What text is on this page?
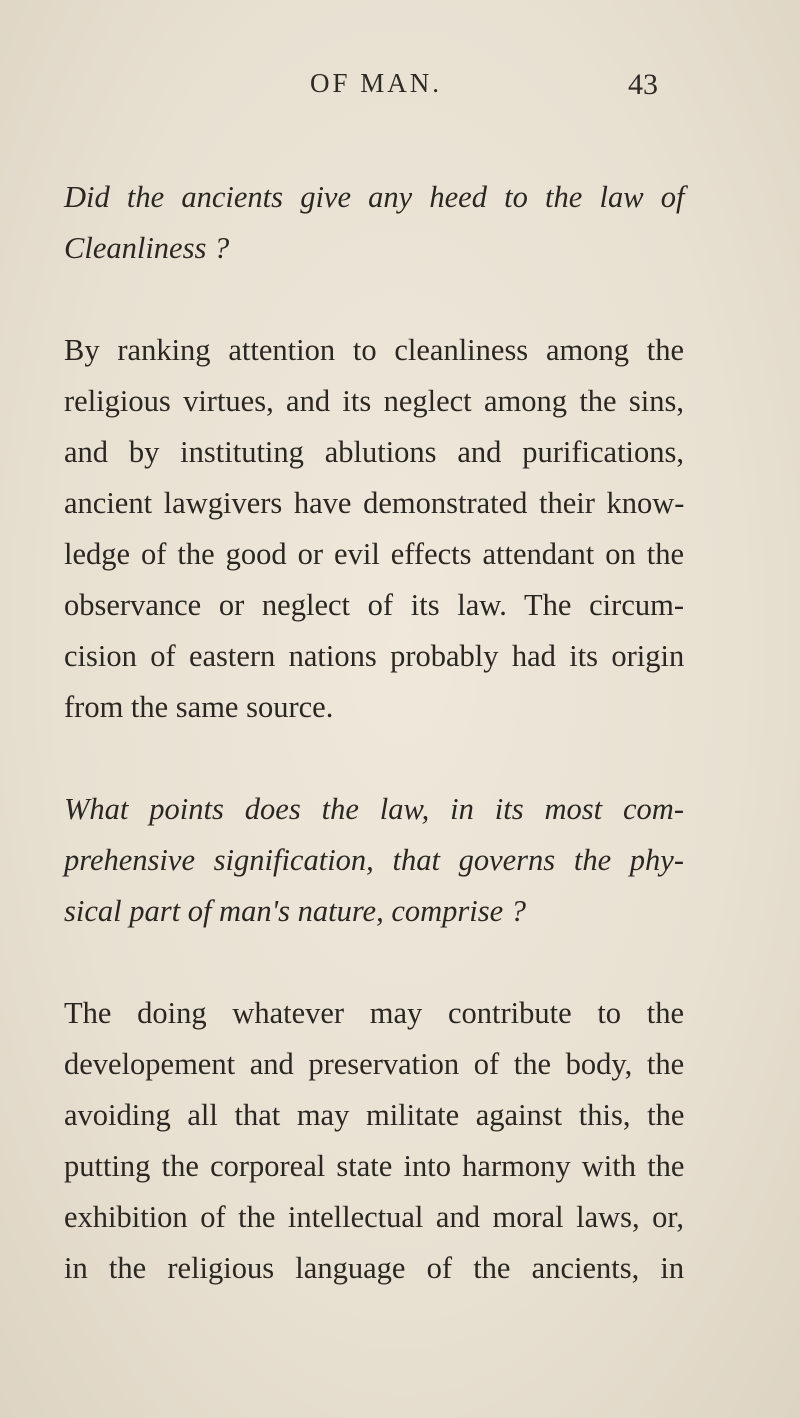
OF MAN.	43

Did the ancients give any heed to the law of
Cleanliness ?

By ranking attention to cleanliness among the
religious virtues, and its neglect among the sins,
and by instituting ablutions and purifications,
ancient lawgivers have demonstrated their know-
ledge of the good or evil effects attendant on the
observance or neglect of its law. The circum-
cision of eastern nations probably had its origin
from the same source.

What points does the law, in its most com-
prehensive signification, that governs the phy-
sical part of man's nature, comprise ?

The doing whatever may contribute to the
developement and preservation of the body, the
avoiding all that may militate against this, the
putting the corporeal state into harmony with the
exhibition of the intellectual and moral laws, or,
in the religious language of the ancients, in
